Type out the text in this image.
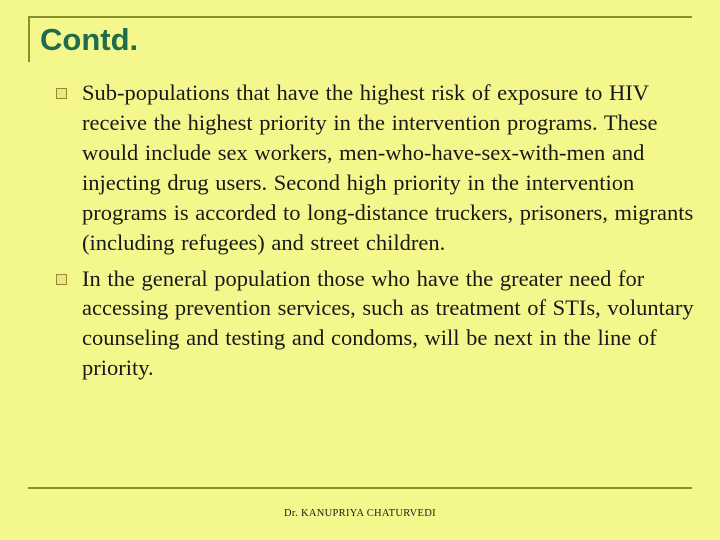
Contd.
Sub-populations that have the highest risk of exposure to HIV receive the highest priority in the intervention programs. These would include sex workers, men-who-have-sex-with-men and injecting drug users. Second high priority in the intervention programs is accorded to long-distance truckers, prisoners, migrants (including refugees) and street children.
In the general population those who have the greater need for accessing prevention services, such as treatment of STIs, voluntary counseling and testing and condoms, will be next in the line of priority.
Dr. KANUPRIYA CHATURVEDI
